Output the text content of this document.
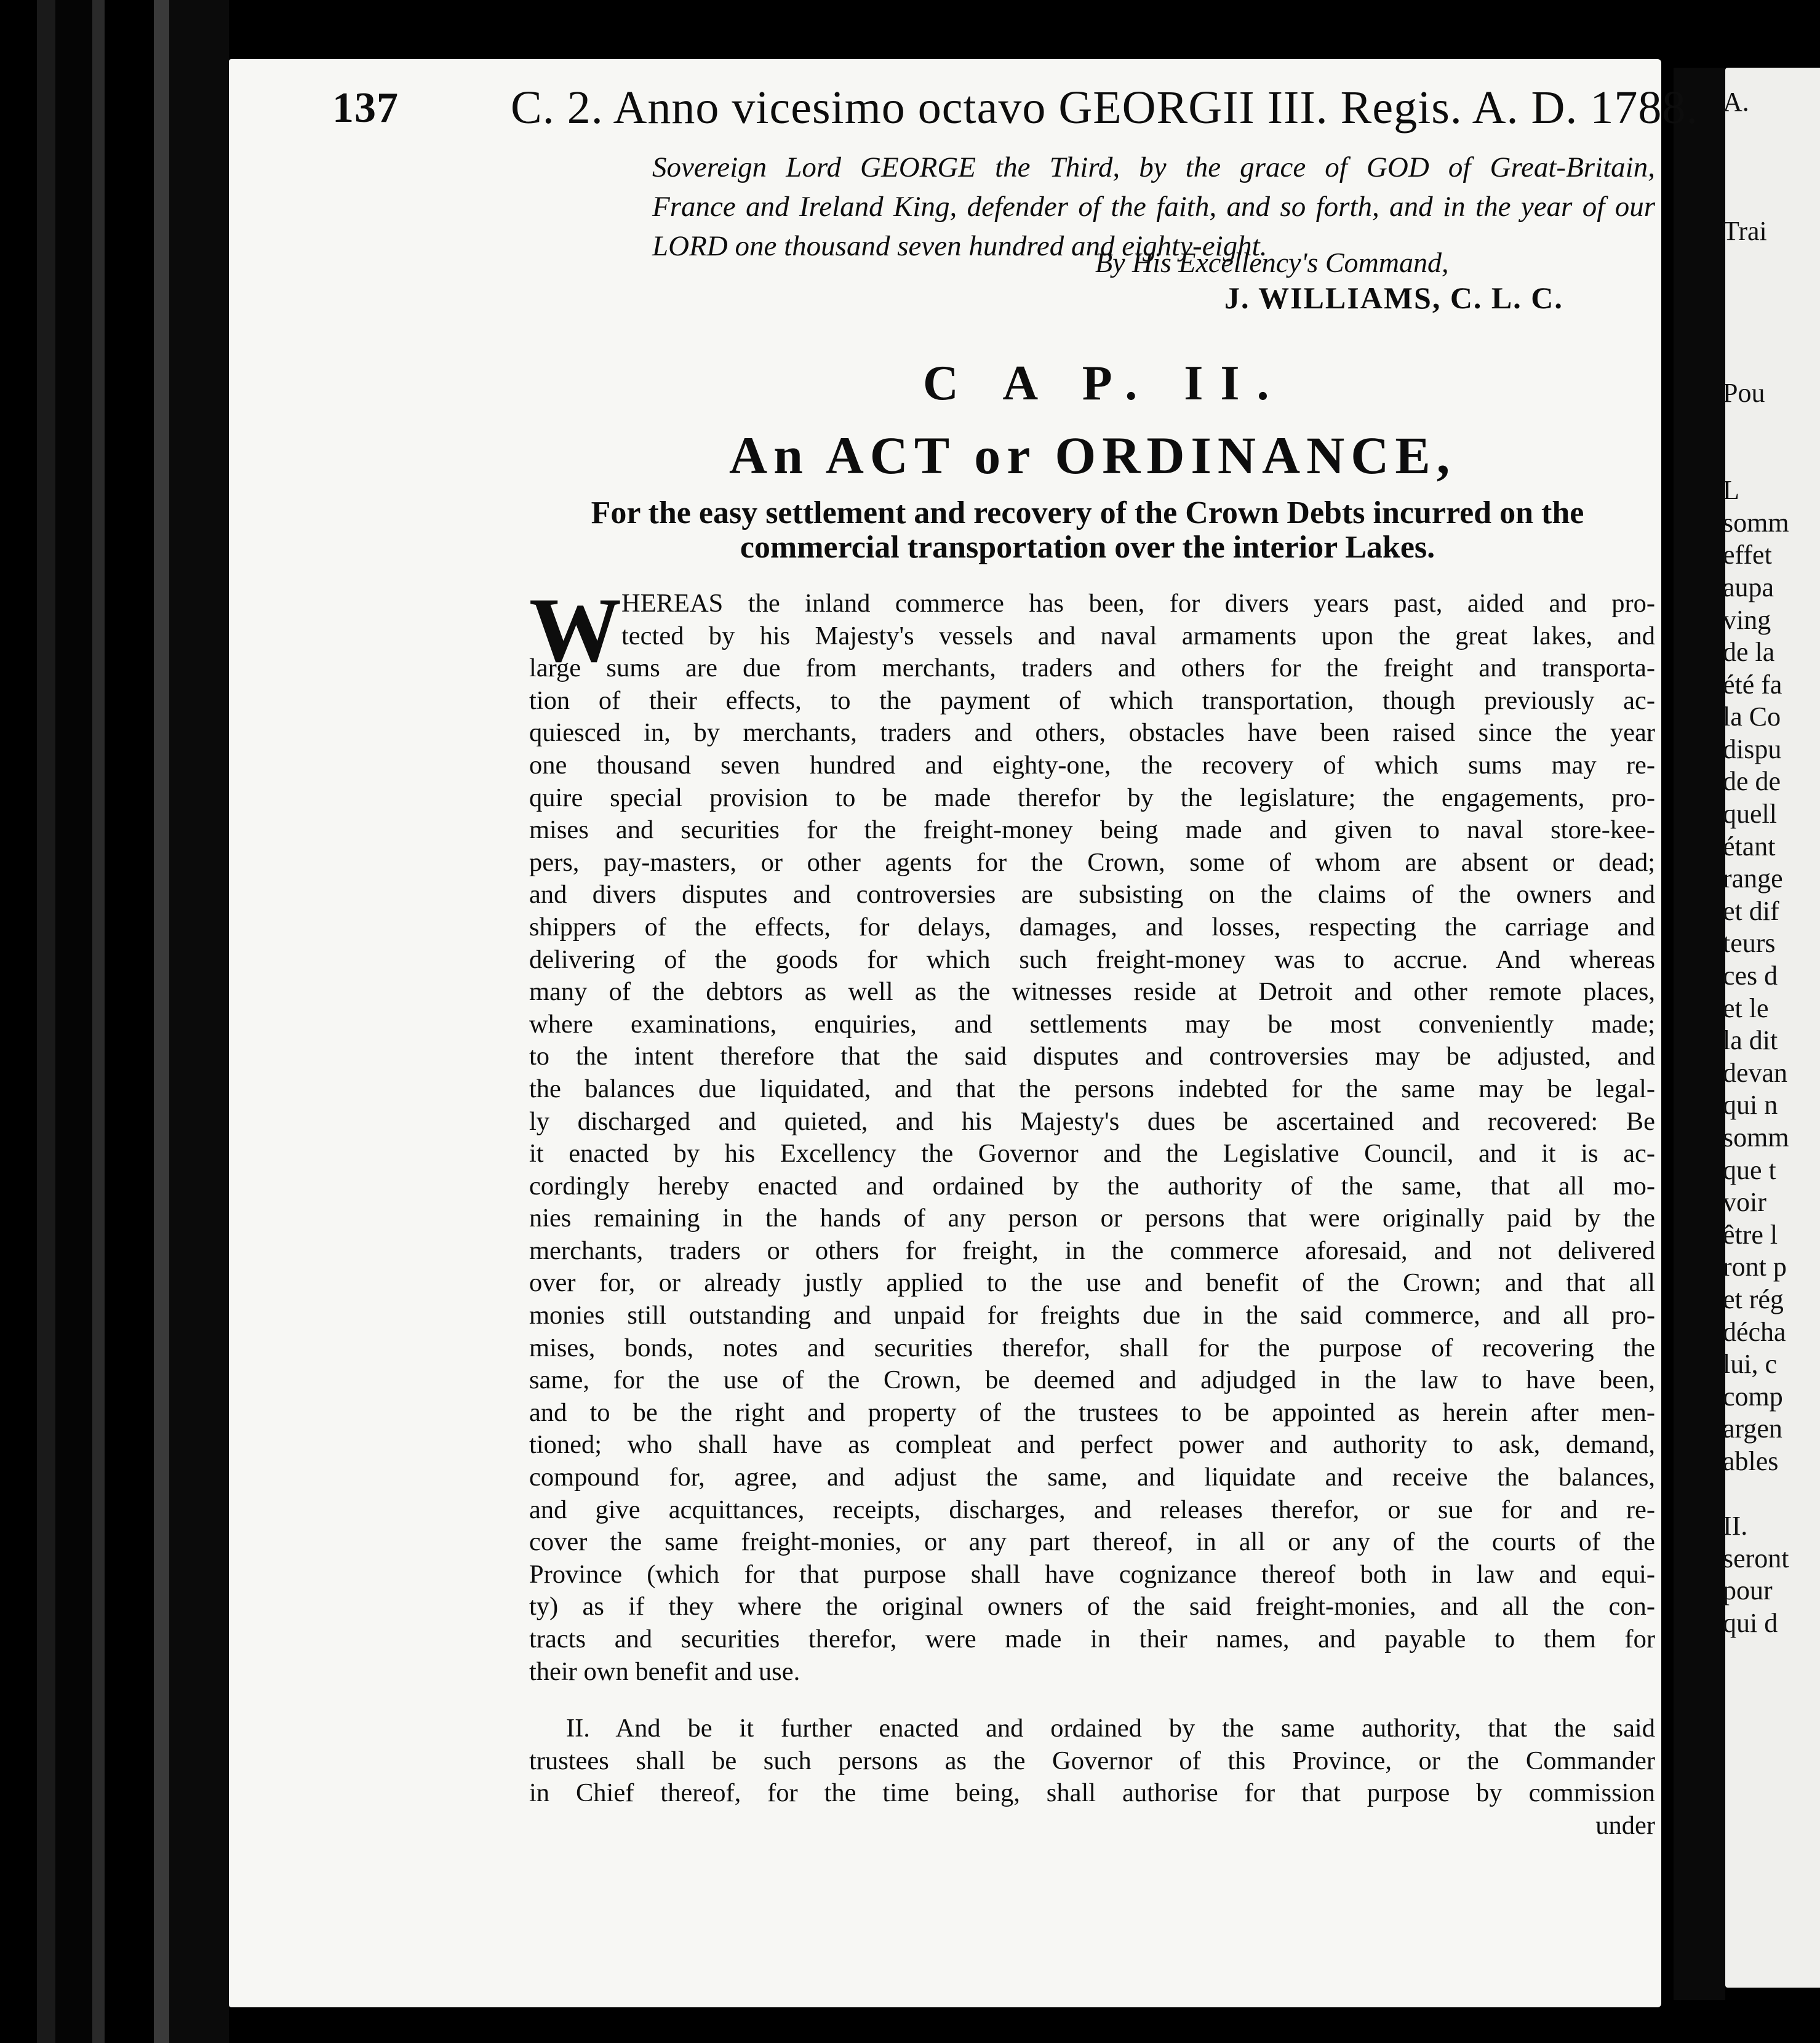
137 C. 2. Anno vicesimo octavo GEORGII III. Regis. A. D. 1788.
Sovereign Lord GEORGE the Third, by the grace of GOD of Great-Britain,
France and Ireland King, defender of the faith, and so forth, and in the year of our
LORD one thousand seven hundred and eighty-eight.
By His Excellency's Command,
J. WILLIAMS, C. L. C.
C A P. II.
An ACT or ORDINANCE,
For the easy settlement and recovery of the Crown Debts incurred on the
commercial transportation over the interior Lakes.
W HEREAS the inland commerce has been, for divers years past, aided and pro-
tected by his Majesty's vessels and naval armaments upon the great lakes, and
large sums are due from merchants, traders and others for the freight and transporta-
tion of their effects, to the payment of which transportation, though previously ac-
quiesced in, by merchants, traders and others, obstacles have been raised since the year
one thousand seven hundred and eighty-one, the recovery of which sums may re-
quire special provision to be made therefor by the legislature; the engagements, pro-
mises and securities for the freight-money being made and given to naval store-kee-
pers, pay-masters, or other agents for the Crown, some of whom are absent or dead;
and divers disputes and controversies are subsisting on the claims of the owners and
shippers of the effects, for delays, damages, and losses, respecting the carriage and
delivering of the goods for which such freight-money was to accrue. And whereas
many of the debtors as well as the witnesses reside at Detroit and other remote places,
where examinations, enquiries, and settlements may be most conveniently made;
to the intent therefore that the said disputes and controversies may be adjusted, and
the balances due liquidated, and that the persons indebted for the same may be legal-
ly discharged and quieted, and his Majesty's dues be ascertained and recovered: Be
it enacted by his Excellency the Governor and the Legislative Council, and it is ac-
cordingly hereby enacted and ordained by the authority of the same, that all mo-
nies remaining in the hands of any person or persons that were originally paid by the
merchants, traders or others for freight, in the commerce aforesaid, and not delivered
over for, or already justly applied to the use and benefit of the Crown; and that all
monies still outstanding and unpaid for freights due in the said commerce, and all pro-
mises, bonds, notes and securities therefor, shall for the purpose of recovering the
same, for the use of the Crown, be deemed and adjudged in the law to have been,
and to be the right and property of the trustees to be appointed as herein after men-
tioned; who shall have as compleat and perfect power and authority to ask, demand,
compound for, agree, and adjust the same, and liquidate and receive the balances,
and give acquittances, receipts, discharges, and releases therefor, or sue for and re-
cover the same freight-monies, or any part thereof, in all or any of the courts of the
Province (which for that purpose shall have cognizance thereof both in law and equi-
ty) as if they where the original owners of the said freight-monies, and all the con-
tracts and securities therefor, were made in their names, and payable to them for
their own benefit and use.
II. And be it further enacted and ordained by the same authority, that the said
trustees shall be such persons as the Governor of this Province, or the Commander
in Chief thereof, for the time being, shall authorise for that purpose by commission
under
A.
Trai
Pou
L
somm
effet
aupa
ving
de la
été fa
la Co
dispu
de de
quell
étant
range
et dif
teurs
ces d
et le
la dit
devan
qui n
somm
que t
voir
être l
ront p
et rég
décha
lui, c
comp
argen
ables
II.
seront
pour
qui d
